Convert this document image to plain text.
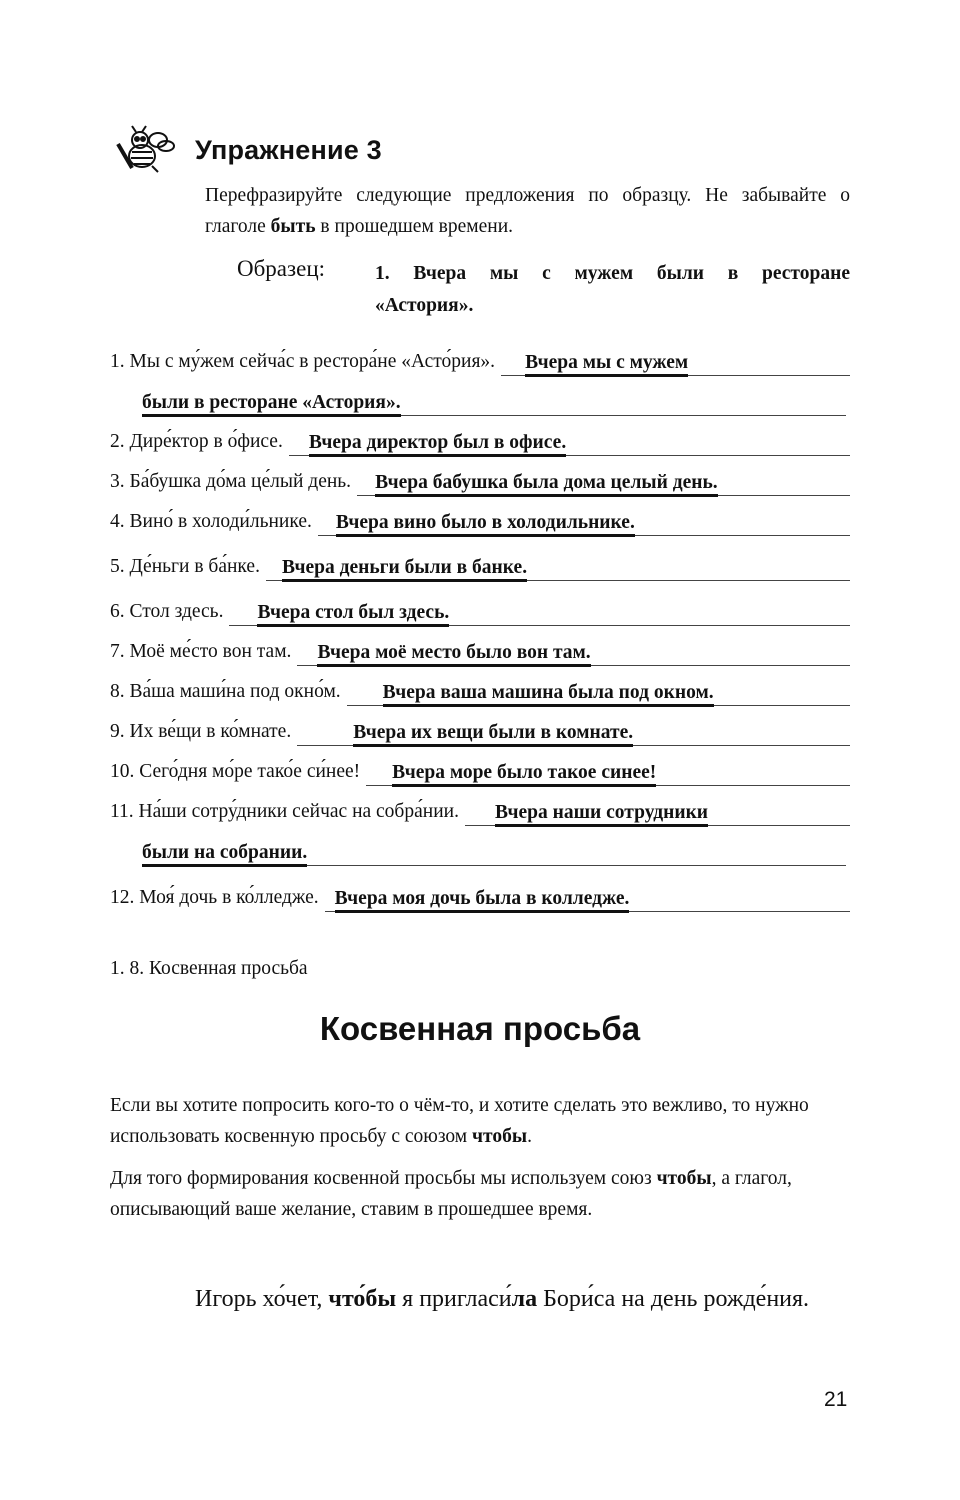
Упражнение 3
Перефразируйте следующие предложения по образцу. Не забывайте о глаголе быть в прошедшем времени.
Образец:	1. Вчера мы с мужем были в ресторане «Астория».
1. Мы с му́жем сейча́с в рестора́не «Асто́рия».	Вчера мы с мужем
были в ресторане «Астория».
2. Дире́ктор в о́фисе.	Вчера директор был в офисе.
3. Ба́бушка до́ма це́лый день.	Вчера бабушка была дома целый день.
4. Вино́ в холоди́льнике.	Вчера вино было в холодильнике.
5. Де́ньги в ба́нке.	Вчера деньги были в банке.
6. Стол здесь.	Вчера стол был здесь.
7. Моё ме́сто вон там.	Вчера моё место было вон там.
8. Ва́ша маши́на под окно́м.	Вчера ваша машина была под окном.
9. Их ве́щи в ко́мнате.	Вчера их вещи были в комнате.
10. Сего́дня мо́ре тако́е си́нее!	Вчера море было такое синее!
11. На́ши сотру́дники сейчас на собра́нии.	Вчера наши сотрудники
были на собрании.
12. Моя́ дочь в ко́лледже. Вчера моя дочь была в колледже.
1. 8. Косвенная просьба
Косвенная просьба
Если вы хотите попросить кого-то о чём-то, и хотите сделать это вежливо, то нужно использовать косвенную просьбу с союзом чтобы.
Для того формирования косвенной просьбы мы используем союз чтобы, а глагол, описывающий ваше желание, ставим в прошедшее время.
Игорь хо́чет, что́бы я пригласи́ла Бори́са на день рожде́ния.
21
